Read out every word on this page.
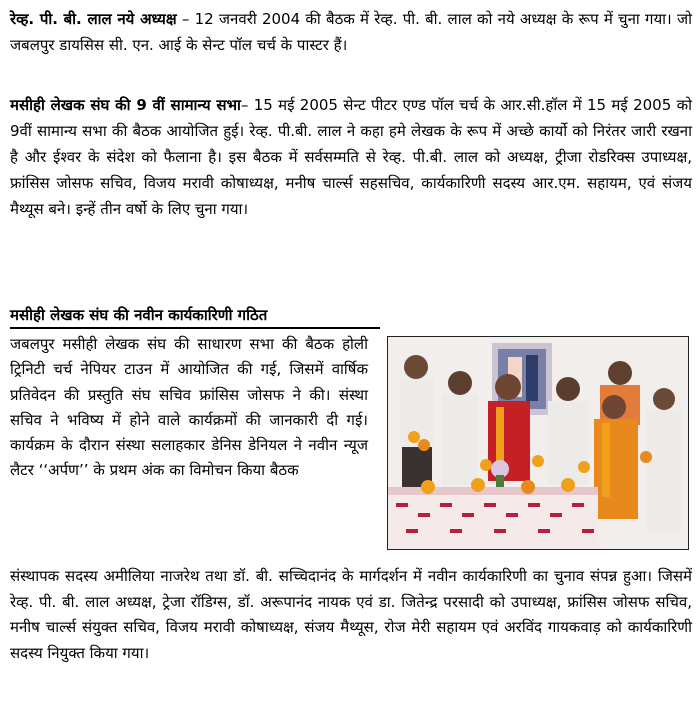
रेव्ह. पी. बी. लाल नये अध्यक्ष – 12 जनवरी 2004 की बैठक में रेव्ह. पी. बी. लाल को नये अध्यक्ष के रूप में चुना गया। जो जबलपुर डायसिस सी. एन. आई के सेन्ट पॉल चर्च के पास्टर हैं।

मसीही लेखक संघ की 9 वीं सामान्य सभा– 15 मई 2005 सेन्ट पीटर एण्ड पॉल चर्च के आर.सी.हॉल में 15 मई 2005 को 9वीं सामान्य सभा की बैठक आयोजित हुई। रेव्ह. पी.बी. लाल ने कहा हमे लेखक के रूप में अच्छे कार्यो को निरंतर जारी रखना है और ईश्वर के संदेश को फैलाना है। इस बैठक में सर्वसम्मति से रेव्ह. पी.बी. लाल को अध्यक्ष, ट्रीजा रोडरिक्स उपाध्यक्ष, फ्रांसिस जोसफ सचिव, विजय मरावी कोषाध्यक्ष, मनीष चार्ल्स सहसचिव, कार्यकारिणी सदस्य आर.एम. सहायम, एवं संजय मैथ्यूस बने। इन्हें तीन वर्षो के लिए चुना गया।

मसीही लेखक संघ की नवीन कार्यकारिणी गठित

जबलपुर मसीही लेखक संघ की साधारण सभा की बैठक होली ट्रिनिटी चर्च नेपियर टाउन में आयोजित की गई, जिसमें वार्षिक प्रतिवेदन की प्रस्तुति संघ सचिव फ्रांसिस जोसफ ने की। संस्था सचिव ने भविष्य में होने वाले कार्यक्रमों की जानकारी दी गई। कार्यक्रम के दौरान संस्था सलाहकार डेनिस डेनियल ने नवीन न्यूज लैटर ‘‘अर्पण’’ के प्रथम अंक का विमोचन किया बैठक

संस्थापक सदस्य अमीलिया नाजरेथ तथा डॉ. बी. सच्चिदानंद के मार्गदर्शन में नवीन कार्यकारिणी का चुनाव संपन्न हुआ। जिसमें रेव्ह. पी. बी. लाल अध्यक्ष, ट्रेजा रॉडिग्स, डॉ. अरूपानंद नायक एवं डा. जितेन्द्र परसादी को उपाध्यक्ष, फ्रांसिस जोसफ सचिव, मनीष चार्ल्स संयुक्त सचिव, विजय मरावी कोषाध्यक्ष, संजय मैथ्यूस, रोज मेरी सहायम एवं अरविंद गायकवाड़ को कार्यकारिणी सदस्य नियुक्त किया गया।
